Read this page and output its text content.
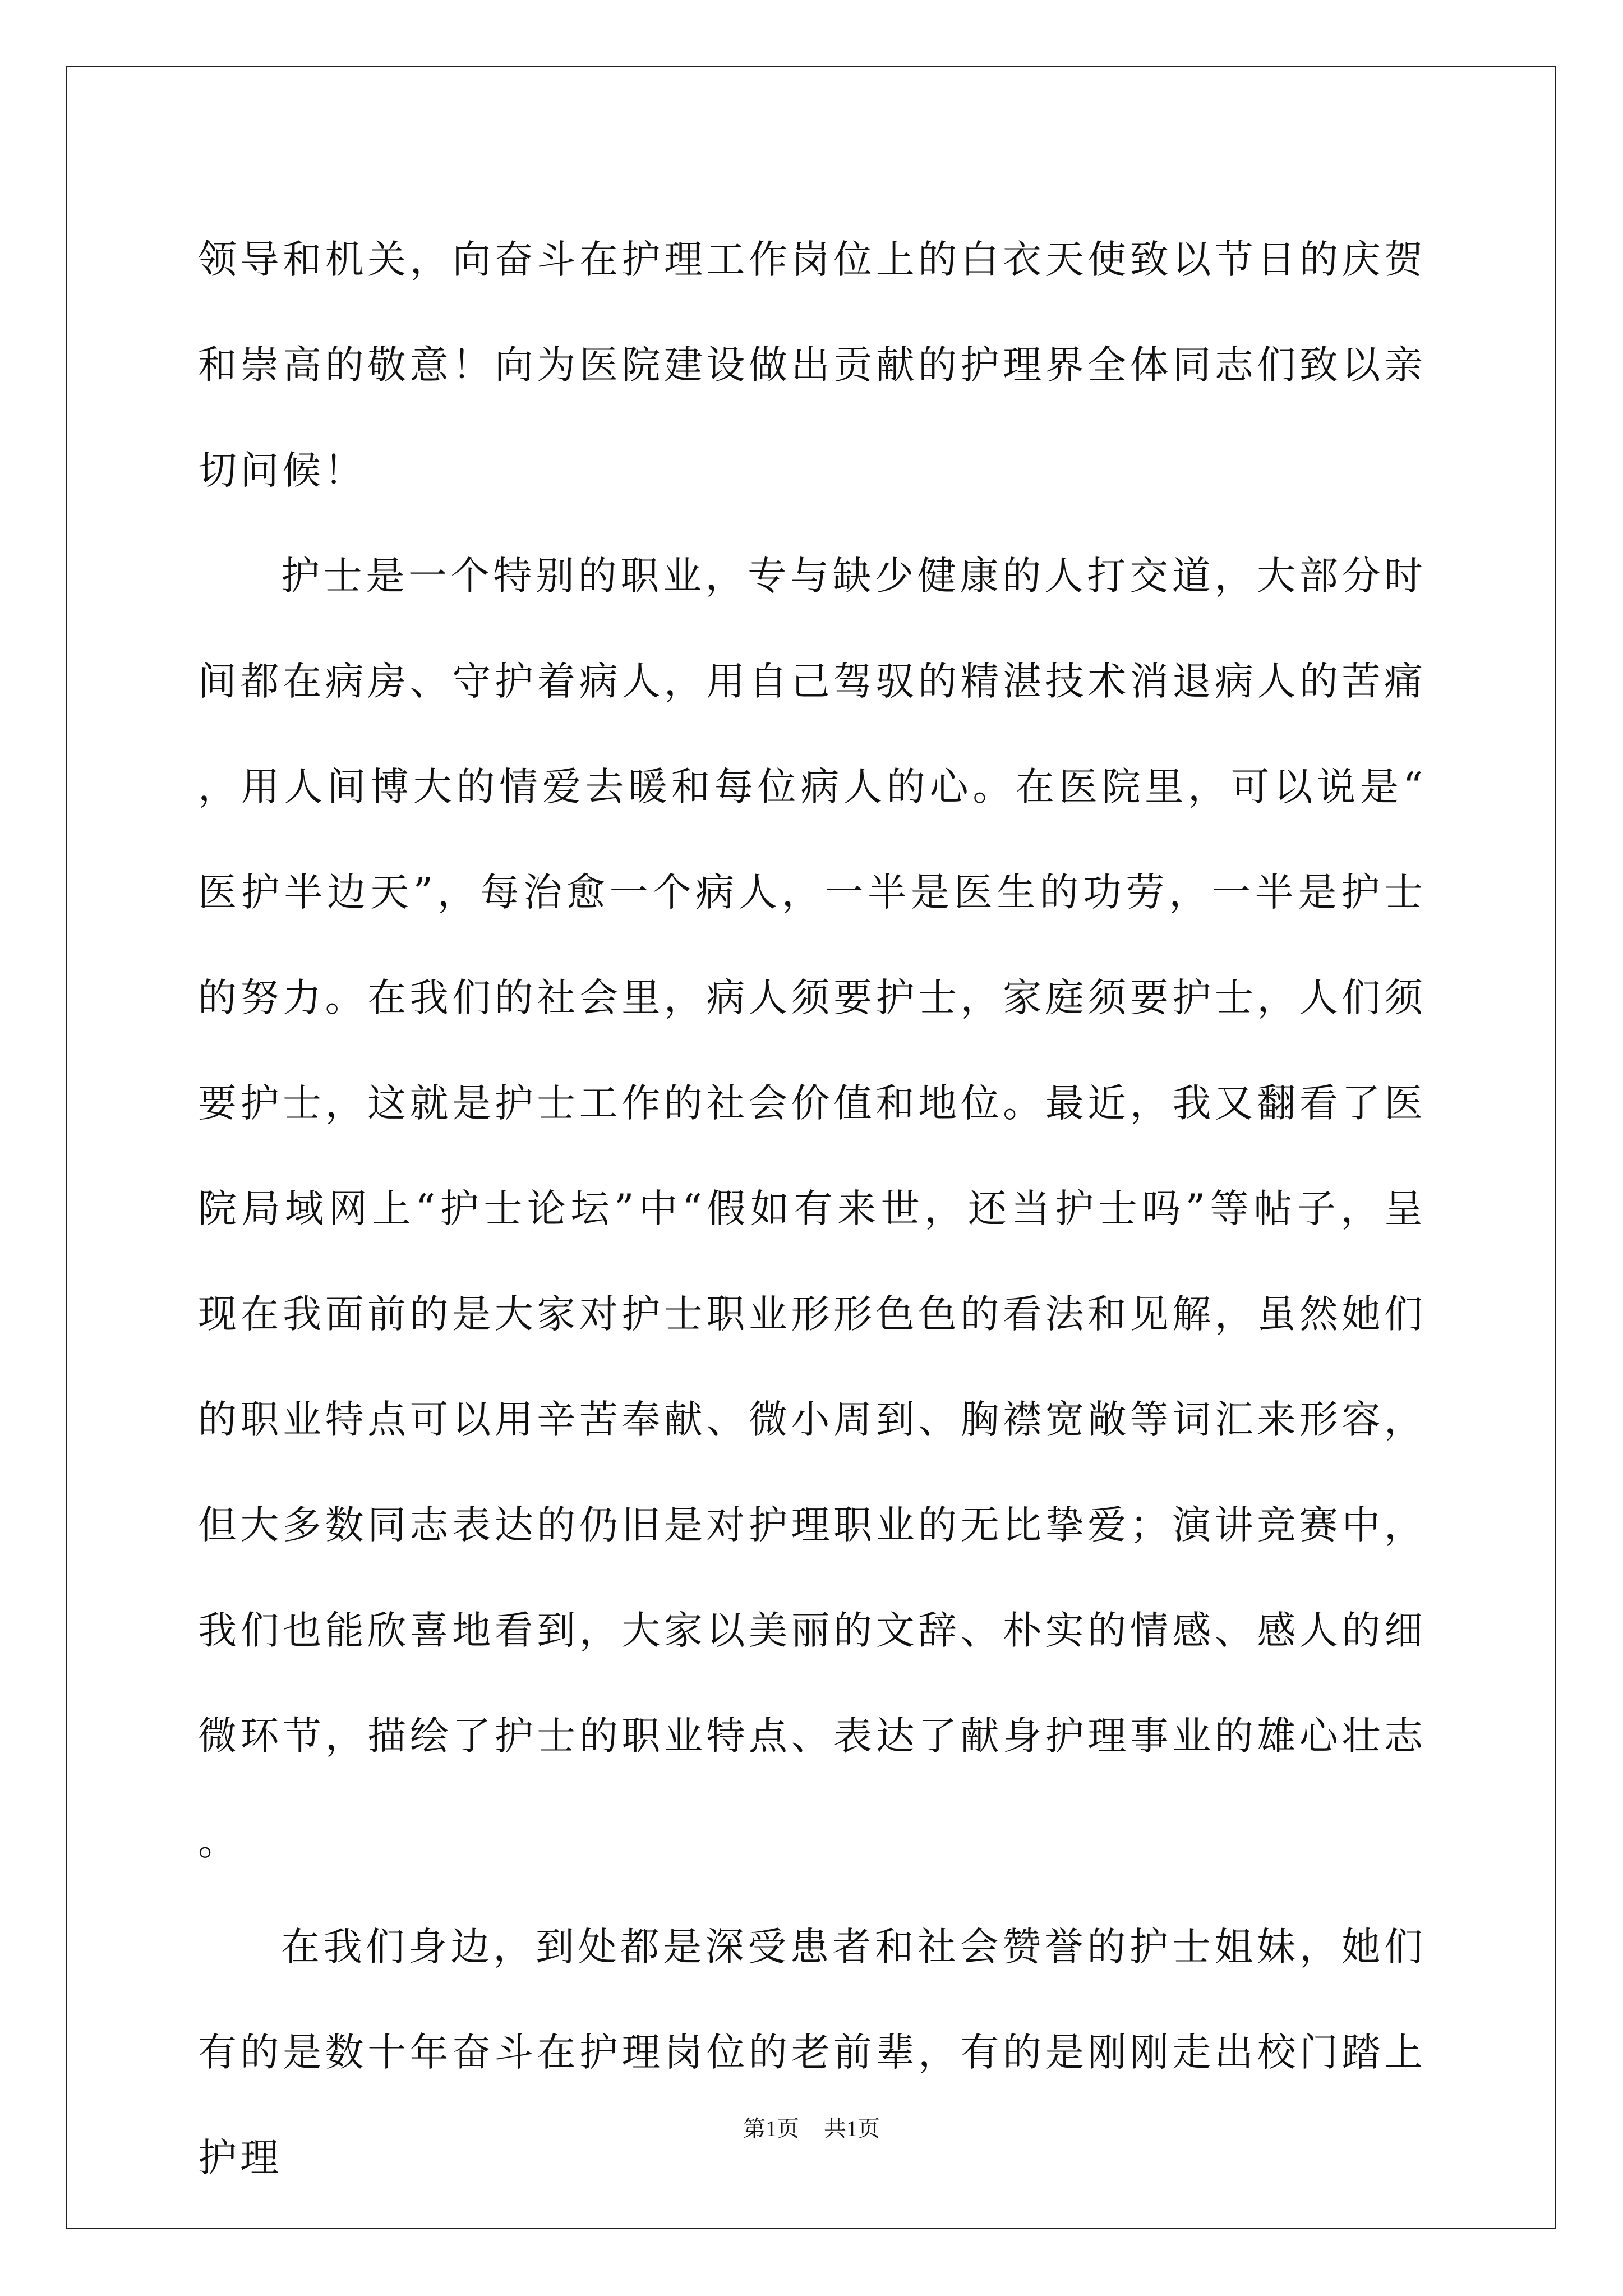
领导和机关，向奋斗在护理工作岗位上的白衣天使致以节日的庆贺和崇高的敬意！向为医院建设做出贡献的护理界全体同志们致以亲切问候！

护士是一个特别的职业，专与缺少健康的人打交道，大部分时间都在病房、守护着病人，用自己驾驭的精湛技术消退病人的苦痛，用人间博大的情爱去暖和每位病人的心。在医院里，可以说是“医护半边天”，每治愈一个病人，一半是医生的功劳，一半是护士的努力。在我们的社会里，病人须要护士，家庭须要护士，人们须要护士，这就是护士工作的社会价值和地位。最近，我又翻看了医院局域网上“护士论坛”中“假如有来世，还当护士吗”等帖子，呈现在我面前的是大家对护士职业形形色色的看法和见解，虽然她们的职业特点可以用辛苦奉献、微小周到、胸襟宽敞等词汇来形容，但大多数同志表达的仍旧是对护理职业的无比挚爱；演讲竞赛中，我们也能欣喜地看到，大家以美丽的文辞、朴实的情感、感人的细微环节，描绘了护士的职业特点、表达了献身护理事业的雄心壮志。

在我们身边，到处都是深受患者和社会赞誉的护士姐妹，她们有的是数十年奋斗在护理岗位的老前辈，有的是刚刚走出校门踏上护理

第1页 共1页
